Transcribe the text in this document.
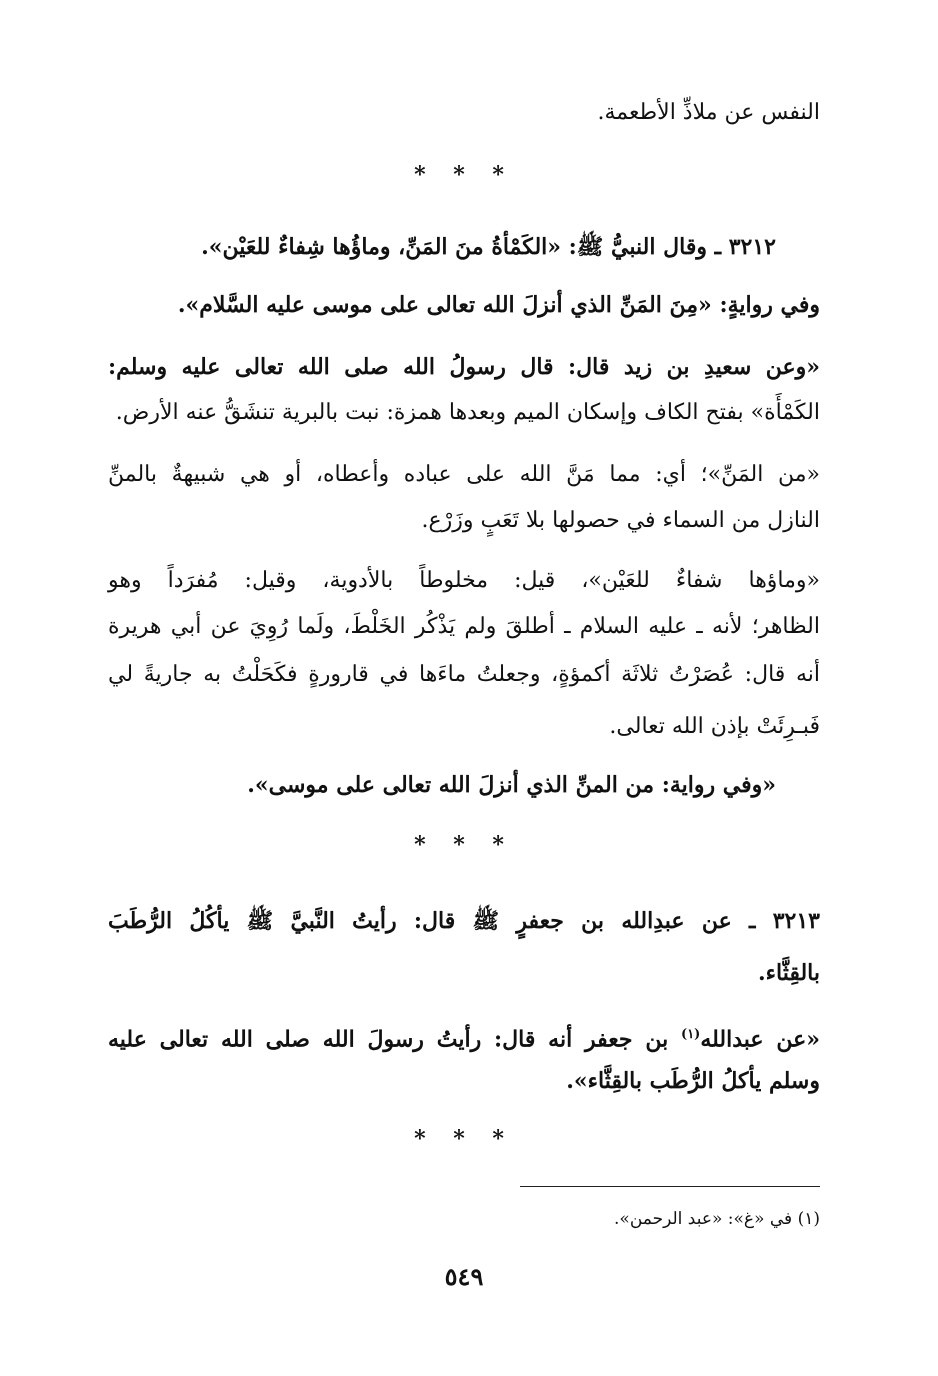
النفس عن ملاذِّ الأطعمة.
* * *
٣٢١٢ ـ وقال النبيُّ ﷺ: «الكَمْأةُ منَ المَنِّ، وماؤُها شِفاءٌ للعَيْن».
وفي روايةٍ: «مِنَ المَنِّ الذي أنزلَ الله تعالى على موسى عليه السَّلام».
«وعن سعيدِ بن زيد قال: قال رسولُ الله صلى الله تعالى عليه وسلم:
الكَمْأَة» بفتح الكاف وإسكان الميم وبعدها همزة: نبت بالبرية تنشَقُّ عنه الأرض.
«من المَنِّ»؛ أي: مما مَنَّ الله على عباده وأعطاه، أو هي شبيهةٌ بالمنِّ
النازل من السماء في حصولها بلا تَعَبٍ وزَرْع.
«وماؤها شفاءٌ للعَيْن»، قيل: مخلوطاً بالأدوية، وقيل: مُفرَداً وهو
الظاهر؛ لأنه ـ عليه السلام ـ أطلقَ ولم يَذْكُر الخَلْطَ، ولَما رُوِيَ عن أبي هريرة
أنه قال: عُصَرْتُ ثلاثَة أكمؤةٍ، وجعلتُ ماءَها في قارورةٍ فكَحَلْتُ به جاريةً لي
فَبـرِئَتْ بإذن الله تعالى.
«وفي رواية: من المنِّ الذي أنزلَ الله تعالى على موسى».
* * *
٣٢١٣ ـ عن عبدِالله بن جعفرٍ ﷺ قال: رأيتُ النَّبيَّ ﷺ يأكُلُ الرُّطَبَ
بالقِثَّاء.
«عن عبدالله$^{(١)}$ بن جعفر أنه قال: رأيتُ رسولَ الله صلى الله تعالى عليه
وسلم يأكلُ الرُّطَب بالقِثَّاء».
* * *
(١) في «غ»: «عبد الرحمن».
٥٤٩
